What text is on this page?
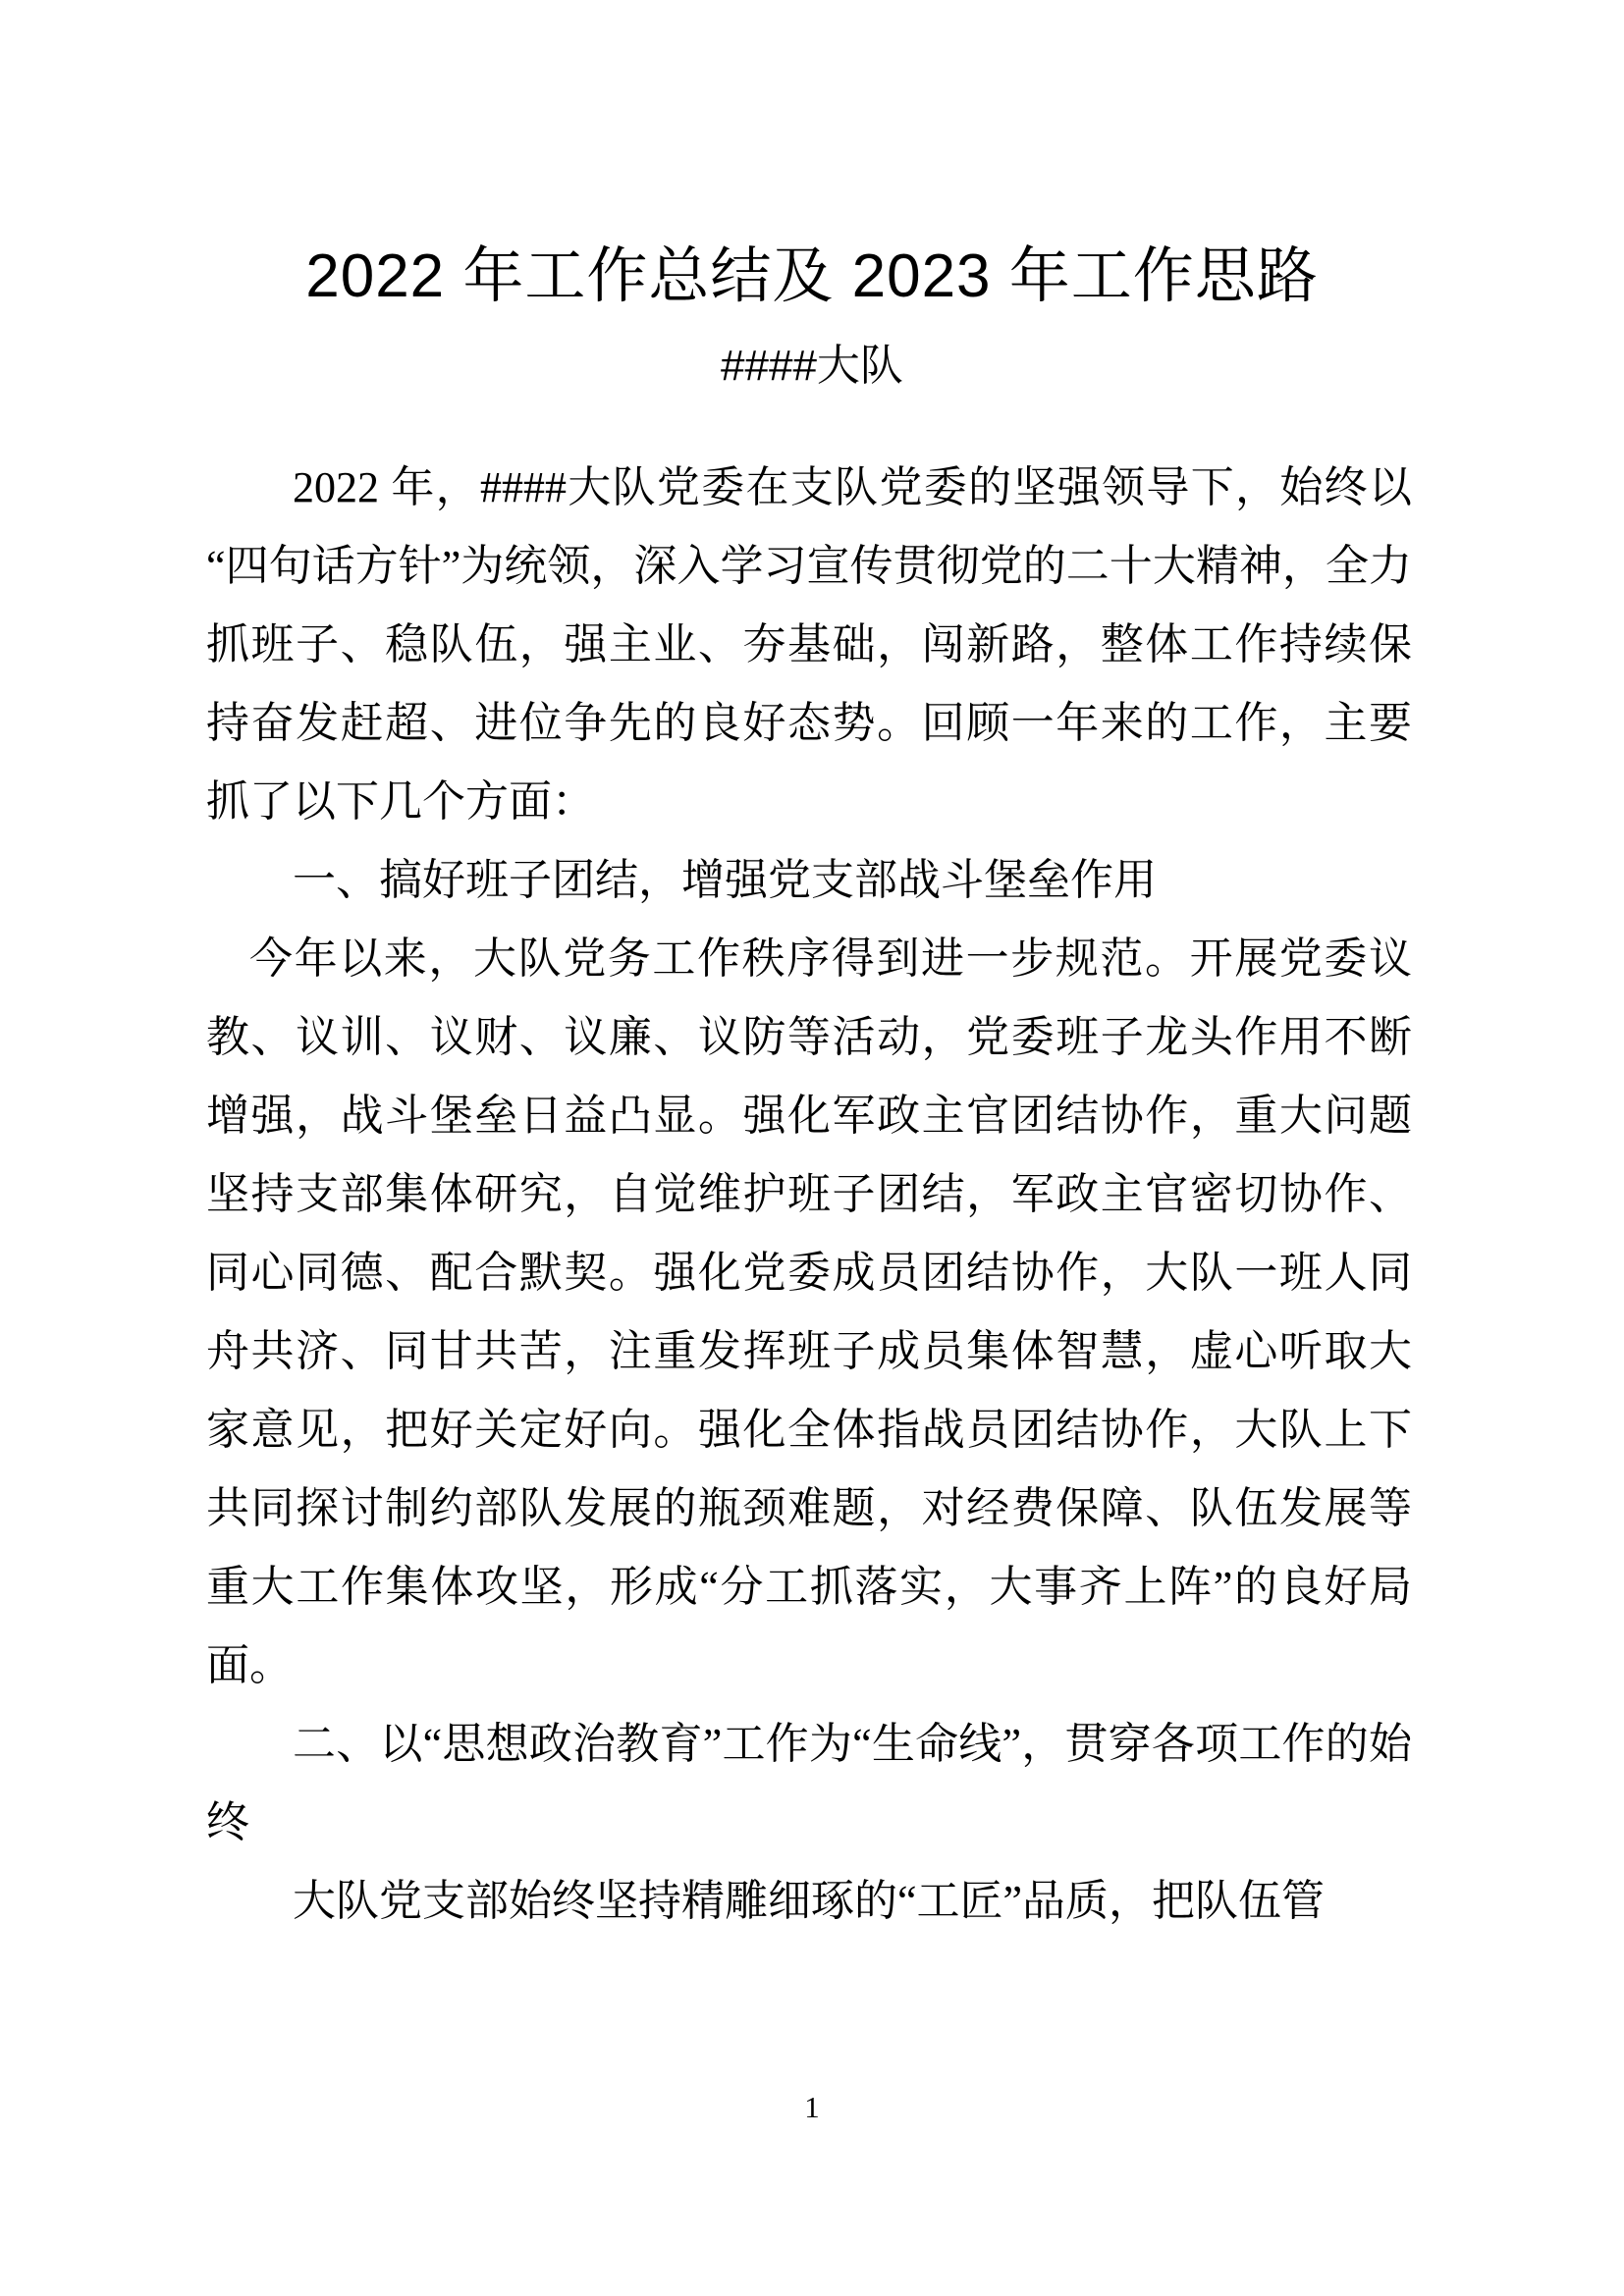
2022 年工作总结及 2023 年工作思路
####大队

2022 年，####大队党委在支队党委的坚强领导下，始终以“四句话方针”为统领，深入学习宣传贯彻党的二十大精神，全力抓班子、稳队伍，强主业、夯基础，闯新路，整体工作持续保持奋发赶超、进位争先的良好态势。回顾一年来的工作，主要抓了以下几个方面：

一、搞好班子团结，增强党支部战斗堡垒作用

今年以来，大队党务工作秩序得到进一步规范。开展党委议教、议训、议财、议廉、议防等活动，党委班子龙头作用不断增强，战斗堡垒日益凸显。强化军政主官团结协作，重大问题坚持支部集体研究，自觉维护班子团结，军政主官密切协作、同心同德、配合默契。强化党委成员团结协作，大队一班人同舟共济、同甘共苦，注重发挥班子成员集体智慧，虚心听取大家意见，把好关定好向。强化全体指战员团结协作，大队上下共同探讨制约部队发展的瓶颈难题，对经费保障、队伍发展等重大工作集体攻坚，形成“分工抓落实，大事齐上阵”的良好局面。

二、以“思想政治教育”工作为“生命线”，贯穿各项工作的始终

大队党支部始终坚持精雕细琢的“工匠”品质，把队伍管

1
